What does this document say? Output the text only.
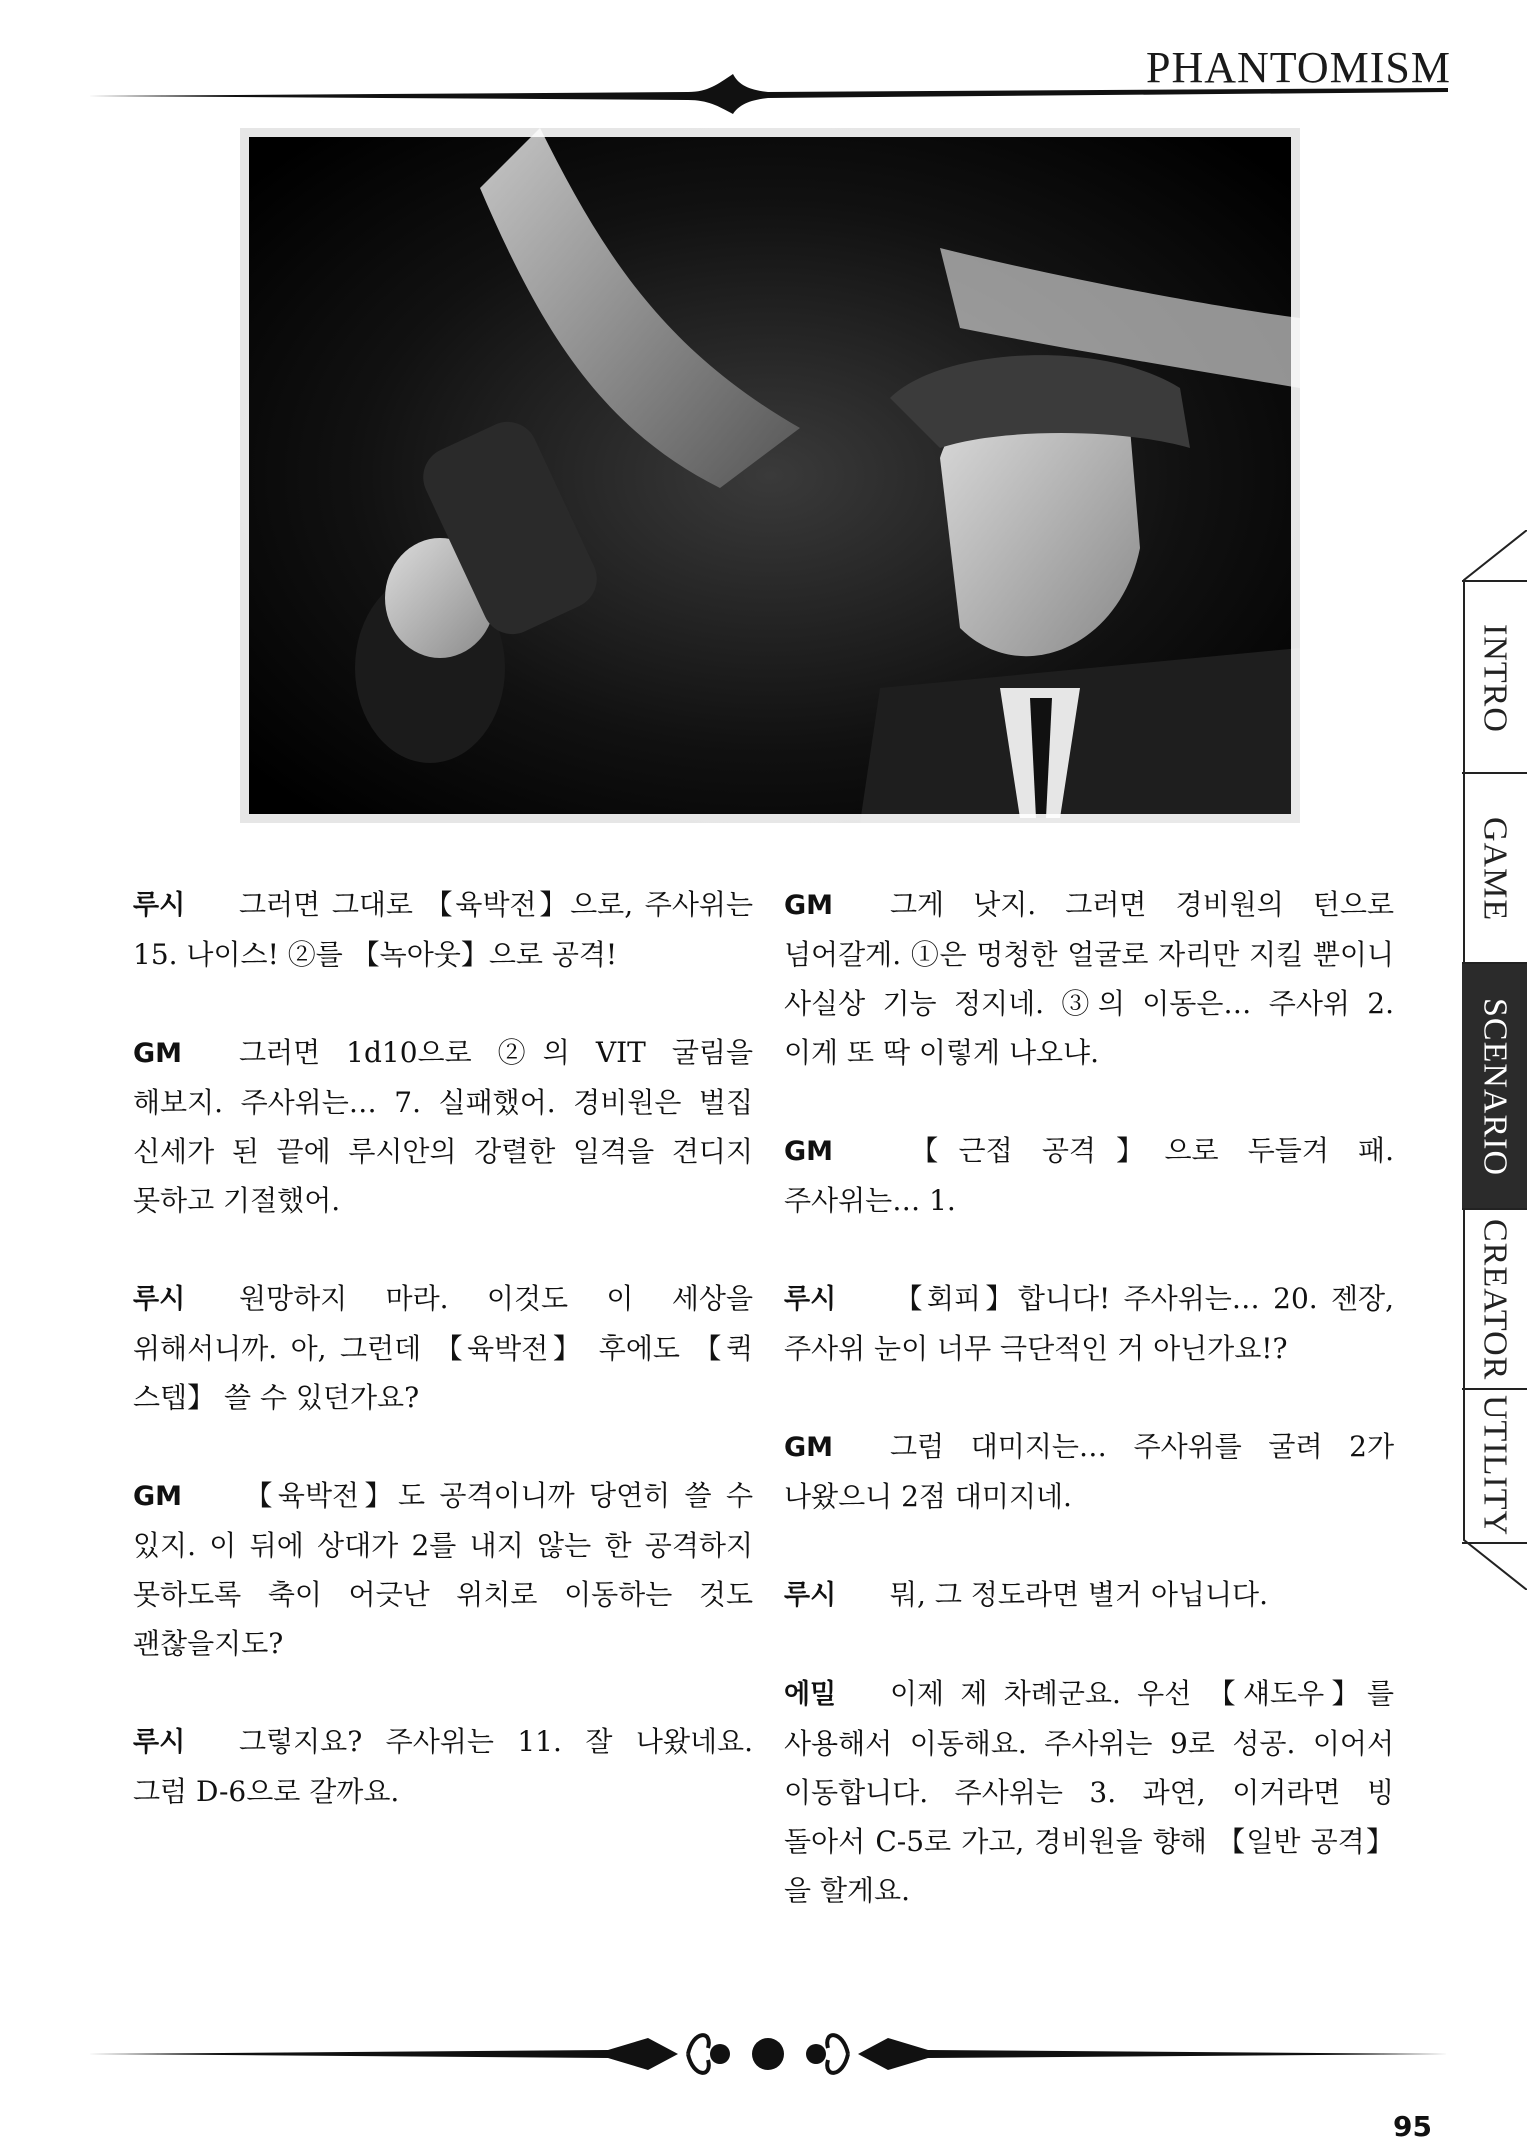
PHANTOMISM

루시 그러면 그대로 【육박전】으로, 주사위는 15. 나이스! ②를 【녹아웃】으로 공격!

GM 그러면 1d10으로 ②의 VIT 굴림을 해보지. 주사위는… 7. 실패했어. 경비원은 벌집 신세가 된 끝에 루시안의 강렬한 일격을 견디지 못하고 기절했어.

루시 원망하지 마라. 이것도 이 세상을 위해서니까. 아, 그런데 【육박전】 후에도 【퀵 스텝】 쓸 수 있던가요?

GM 【육박전】도 공격이니까 당연히 쓸 수 있지. 이 뒤에 상대가 2를 내지 않는 한 공격하지 못하도록 축이 어긋난 위치로 이동하는 것도 괜찮을지도?

루시 그렇지요? 주사위는 11. 잘 나왔네요. 그럼 D-6으로 갈까요.

GM 그게 낫지. 그러면 경비원의 턴으로 넘어갈게. ①은 멍청한 얼굴로 자리만 지킬 뿐이니 사실상 기능 정지네. ③의 이동은… 주사위 2. 이게 또 딱 이렇게 나오냐.

GM 【근접 공격】으로 두들겨 패. 주사위는… 1.

루시 【회피】합니다! 주사위는… 20. 젠장, 주사위 눈이 너무 극단적인 거 아닌가요!?

GM 그럼 대미지는… 주사위를 굴려 2가 나왔으니 2점 대미지네.

루시 뭐, 그 정도라면 별거 아닙니다.

에밀 이제 제 차례군요. 우선 【섀도우】를 사용해서 이동해요. 주사위는 9로 성공. 이어서 이동합니다. 주사위는 3. 과연, 이거라면 빙 돌아서 C-5로 가고, 경비원을 향해 【일반 공격】을 할게요.

INTRO
GAME
SCENARIO
CREATOR
UTILITY
95
